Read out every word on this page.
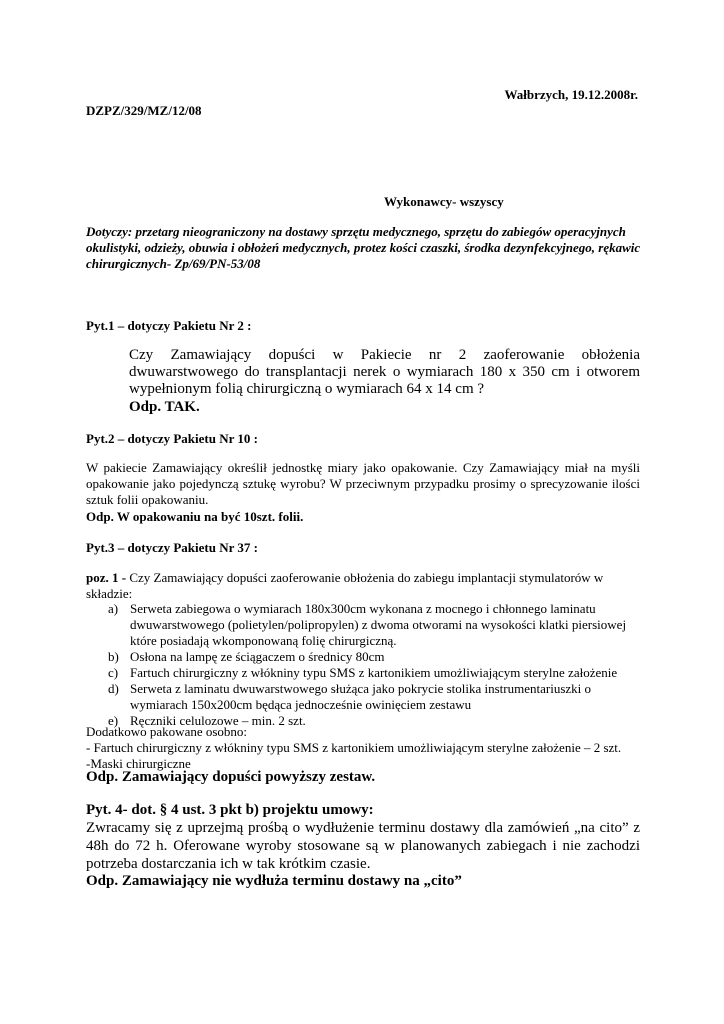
Wałbrzych, 19.12.2008r.

DZPZ/329/MZ/12/08

Wykonawcy- wszyscy

Dotyczy: przetarg nieograniczony na dostawy sprzętu medycznego, sprzętu do zabiegów operacyjnych okulistyki, odzieży, obuwia i obłożeń medycznych, protez kości czaszki, środka dezynfekcyjnego, rękawic chirurgicznych- Zp/69/PN-53/08

Pyt.1 – dotyczy Pakietu Nr 2 :

Czy Zamawiający dopuści w Pakiecie nr 2 zaoferowanie obłożenia dwuwarstwowego do transplantacji nerek o wymiarach 180 x 350 cm i otworem wypełnionym folią chirurgiczną o wymiarach 64 x 14 cm ?

Odp. TAK.

Pyt.2 – dotyczy Pakietu Nr 10 :

W pakiecie Zamawiający określił jednostkę miary jako opakowanie. Czy Zamawiający miał na myśli opakowanie jako pojedynczą sztukę wyrobu? W przeciwnym przypadku prosimy o sprecyzowanie ilości sztuk folii opakowaniu.

Odp. W opakowaniu na być 10szt. folii.

Pyt.3 – dotyczy Pakietu Nr 37 :

poz. 1 - Czy Zamawiający dopuści zaoferowanie obłożenia do zabiegu implantacji stymulatorów w składzie:

a) Serweta zabiegowa o wymiarach 180x300cm wykonana z mocnego i chłonnego laminatu dwuwarstwowego (polietylen/polipropylen) z dwoma otworami na wysokości klatki piersiowej które posiadają wkomponowaną folię chirurgiczną.
b) Osłona na lampę ze ściągaczem o średnicy 80cm
c) Fartuch chirurgiczny z włókniny typu SMS z kartonikiem umożliwiającym sterylne założenie
d) Serweta z laminatu dwuwarstwowego służąca jako pokrycie stolika instrumentariuszki o wymiarach 150x200cm będąca jednocześnie owinięciem zestawu
e) Ręczniki celulozowe – min. 2 szt.

Dodatkowo pakowane osobno:

- Fartuch chirurgiczny z włókniny typu SMS z kartonikiem umożliwiającym sterylne założenie – 2 szt.

-Maski chirurgiczne

Odp. Zamawiający dopuści powyższy zestaw.

Pyt. 4- dot. § 4 ust. 3 pkt b) projektu umowy:

Zwracamy się z uprzejmą prośbą o wydłużenie terminu dostawy dla zamówień „na cito” z 48h do 72 h. Oferowane wyroby stosowane są w planowanych zabiegach i nie zachodzi potrzeba dostarczania ich w tak krótkim czasie.

Odp. Zamawiający nie wydłuża terminu dostawy na „cito”
